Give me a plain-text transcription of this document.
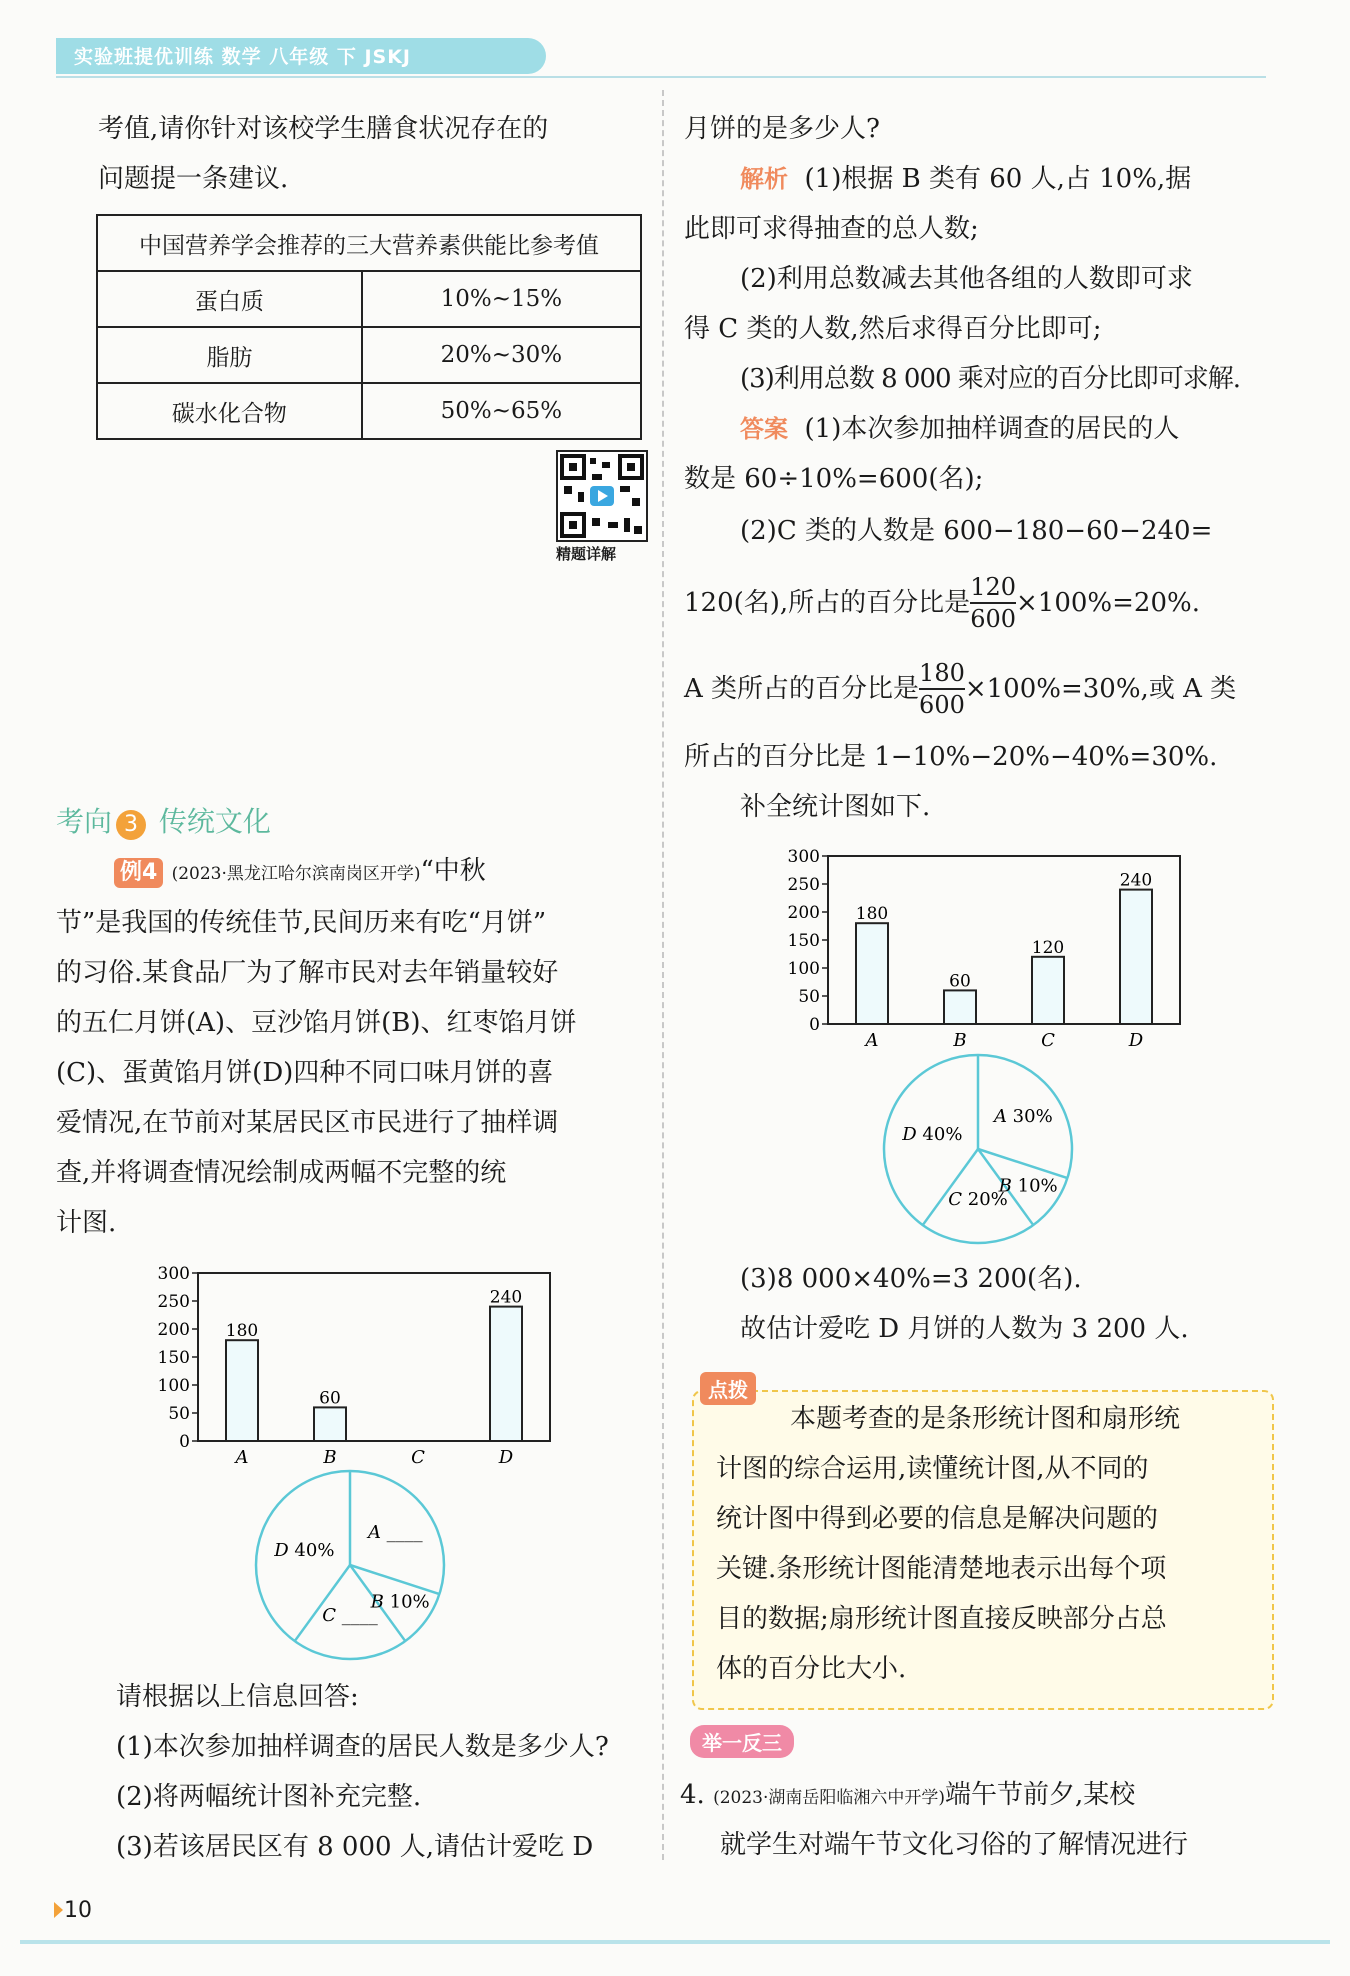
实验班提优训练 数学 八年级 下 JSKJ
考值,请你针对该校学生膳食状况存在的
问题提一条建议.
中国营养学会推荐的三大营养素供能比参考值	
蛋白质	10%~15%
脂肪	20%~30%
碳水化合物	50%~65%
精题详解
考向 3 传统文化
例4 (2023·黑龙江哈尔滨南岗区开学)“中秋
节”是我国的传统佳节,民间历来有吃“月饼”
的习俗.某食品厂为了解市民对去年销量较好
的五仁月饼(A)、豆沙馅月饼(B)、红枣馅月饼
(C)、蛋黄馅月饼(D)四种不同口味月饼的喜
爱情况,在节前对某居民区市民进行了抽样调
查,并将调查情况绘制成两幅不完整的统
计图.
0
50
100
150
200
250
300
180
A
60
B	C
240
D
A ____
B 10%
C ____
D 40%
请根据以上信息回答:
(1)本次参加抽样调查的居民人数是多少人?
(2)将两幅统计图补充完整.
(3)若该居民区有 8 000 人,请估计爱吃 D
月饼的是多少人?
解析 (1)根据 B 类有 60 人,占 10%,据
此即可求得抽查的总人数;
(2)利用总数减去其他各组的人数即可求
得 C 类的人数,然后求得百分比即可;
(3)利用总数 8 000 乘对应的百分比即可求解.
答案 (1)本次参加抽样调查的居民的人
数是 60÷10%=600(名);
(2)C 类的人数是 600−180−60−240=
120(名),所占的百分比是 $\frac{120}{600} \times 100\%=20\%$.
A 类所占的百分比是 $\frac{180}{600} \times 100\%=30\%$,或 A 类
所占的百分比是 1−10%−20%−40%=30%.
补全统计图如下.
0
50
100
150
200
250
300
180
A
60
B
120
C
240
D
A 30%
B 10%
C 20%
D 40%
(3)8 000×40%=3 200(名).
故估计爱吃 D 月饼的人数为 3 200 人.
点拨
本题考查的是条形统计图和扇形统
计图的综合运用,读懂统计图,从不同的
统计图中得到必要的信息是解决问题的
关键.条形统计图能清楚地表示出每个项
目的数据;扇形统计图直接反映部分占总
体的百分比大小.
举一反三
4. (2023·湖南岳阳临湘六中开学)端午节前夕,某校
就学生对端午节文化习俗的了解情况进行
10
